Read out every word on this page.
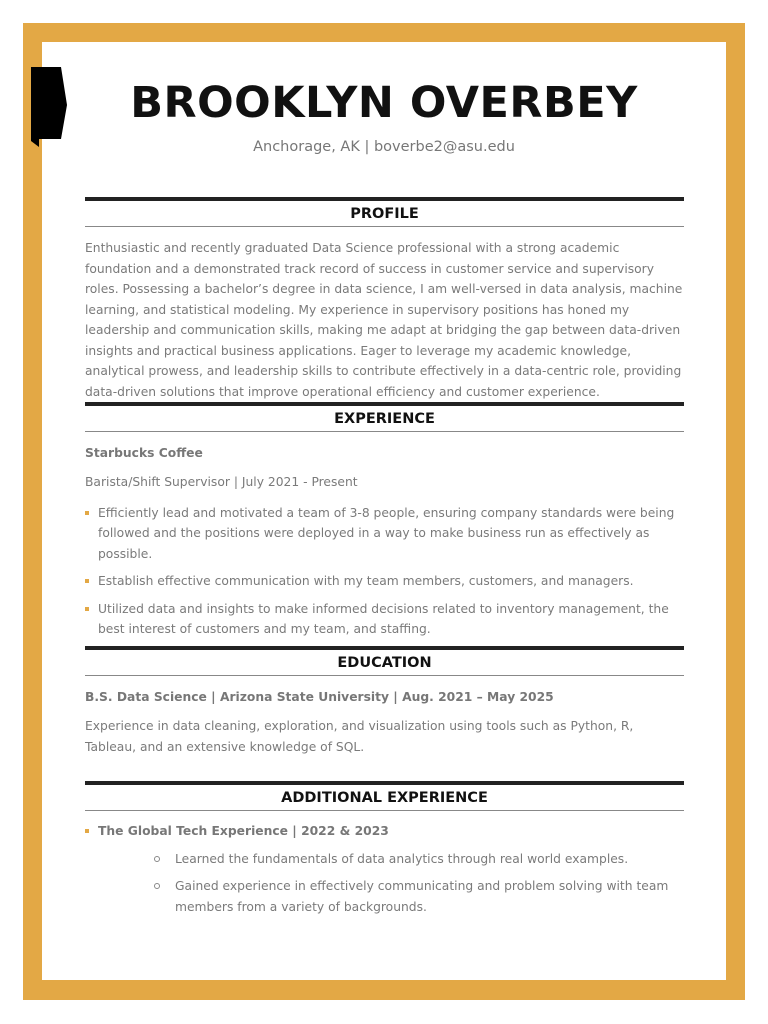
BROOKLYN OVERBEY
Anchorage, AK | boverbe2@asu.edu
PROFILE
Enthusiastic and recently graduated Data Science professional with a strong academic foundation and a demonstrated track record of success in customer service and supervisory roles. Possessing a bachelor’s degree in data science, I am well-versed in data analysis, machine learning, and statistical modeling. My experience in supervisory positions has honed my leadership and communication skills, making me adapt at bridging the gap between data-driven insights and practical business applications. Eager to leverage my academic knowledge, analytical prowess, and leadership skills to contribute effectively in a data-centric role, providing data-driven solutions that improve operational efficiency and customer experience.
EXPERIENCE
Starbucks Coffee
Barista/Shift Supervisor | July 2021 - Present
Efficiently lead and motivated a team of 3-8 people, ensuring company standards were being followed and the positions were deployed in a way to make business run as effectively as possible.
Establish effective communication with my team members, customers, and managers.
Utilized data and insights to make informed decisions related to inventory management, the best interest of customers and my team, and staffing.
EDUCATION
B.S. Data Science | Arizona State University | Aug. 2021 – May 2025
Experience in data cleaning, exploration, and visualization using tools such as Python, R, Tableau, and an extensive knowledge of SQL.
ADDITIONAL EXPERIENCE
The Global Tech Experience | 2022 & 2023
Learned the fundamentals of data analytics through real world examples.
Gained experience in effectively communicating and problem solving with team members from a variety of backgrounds.
